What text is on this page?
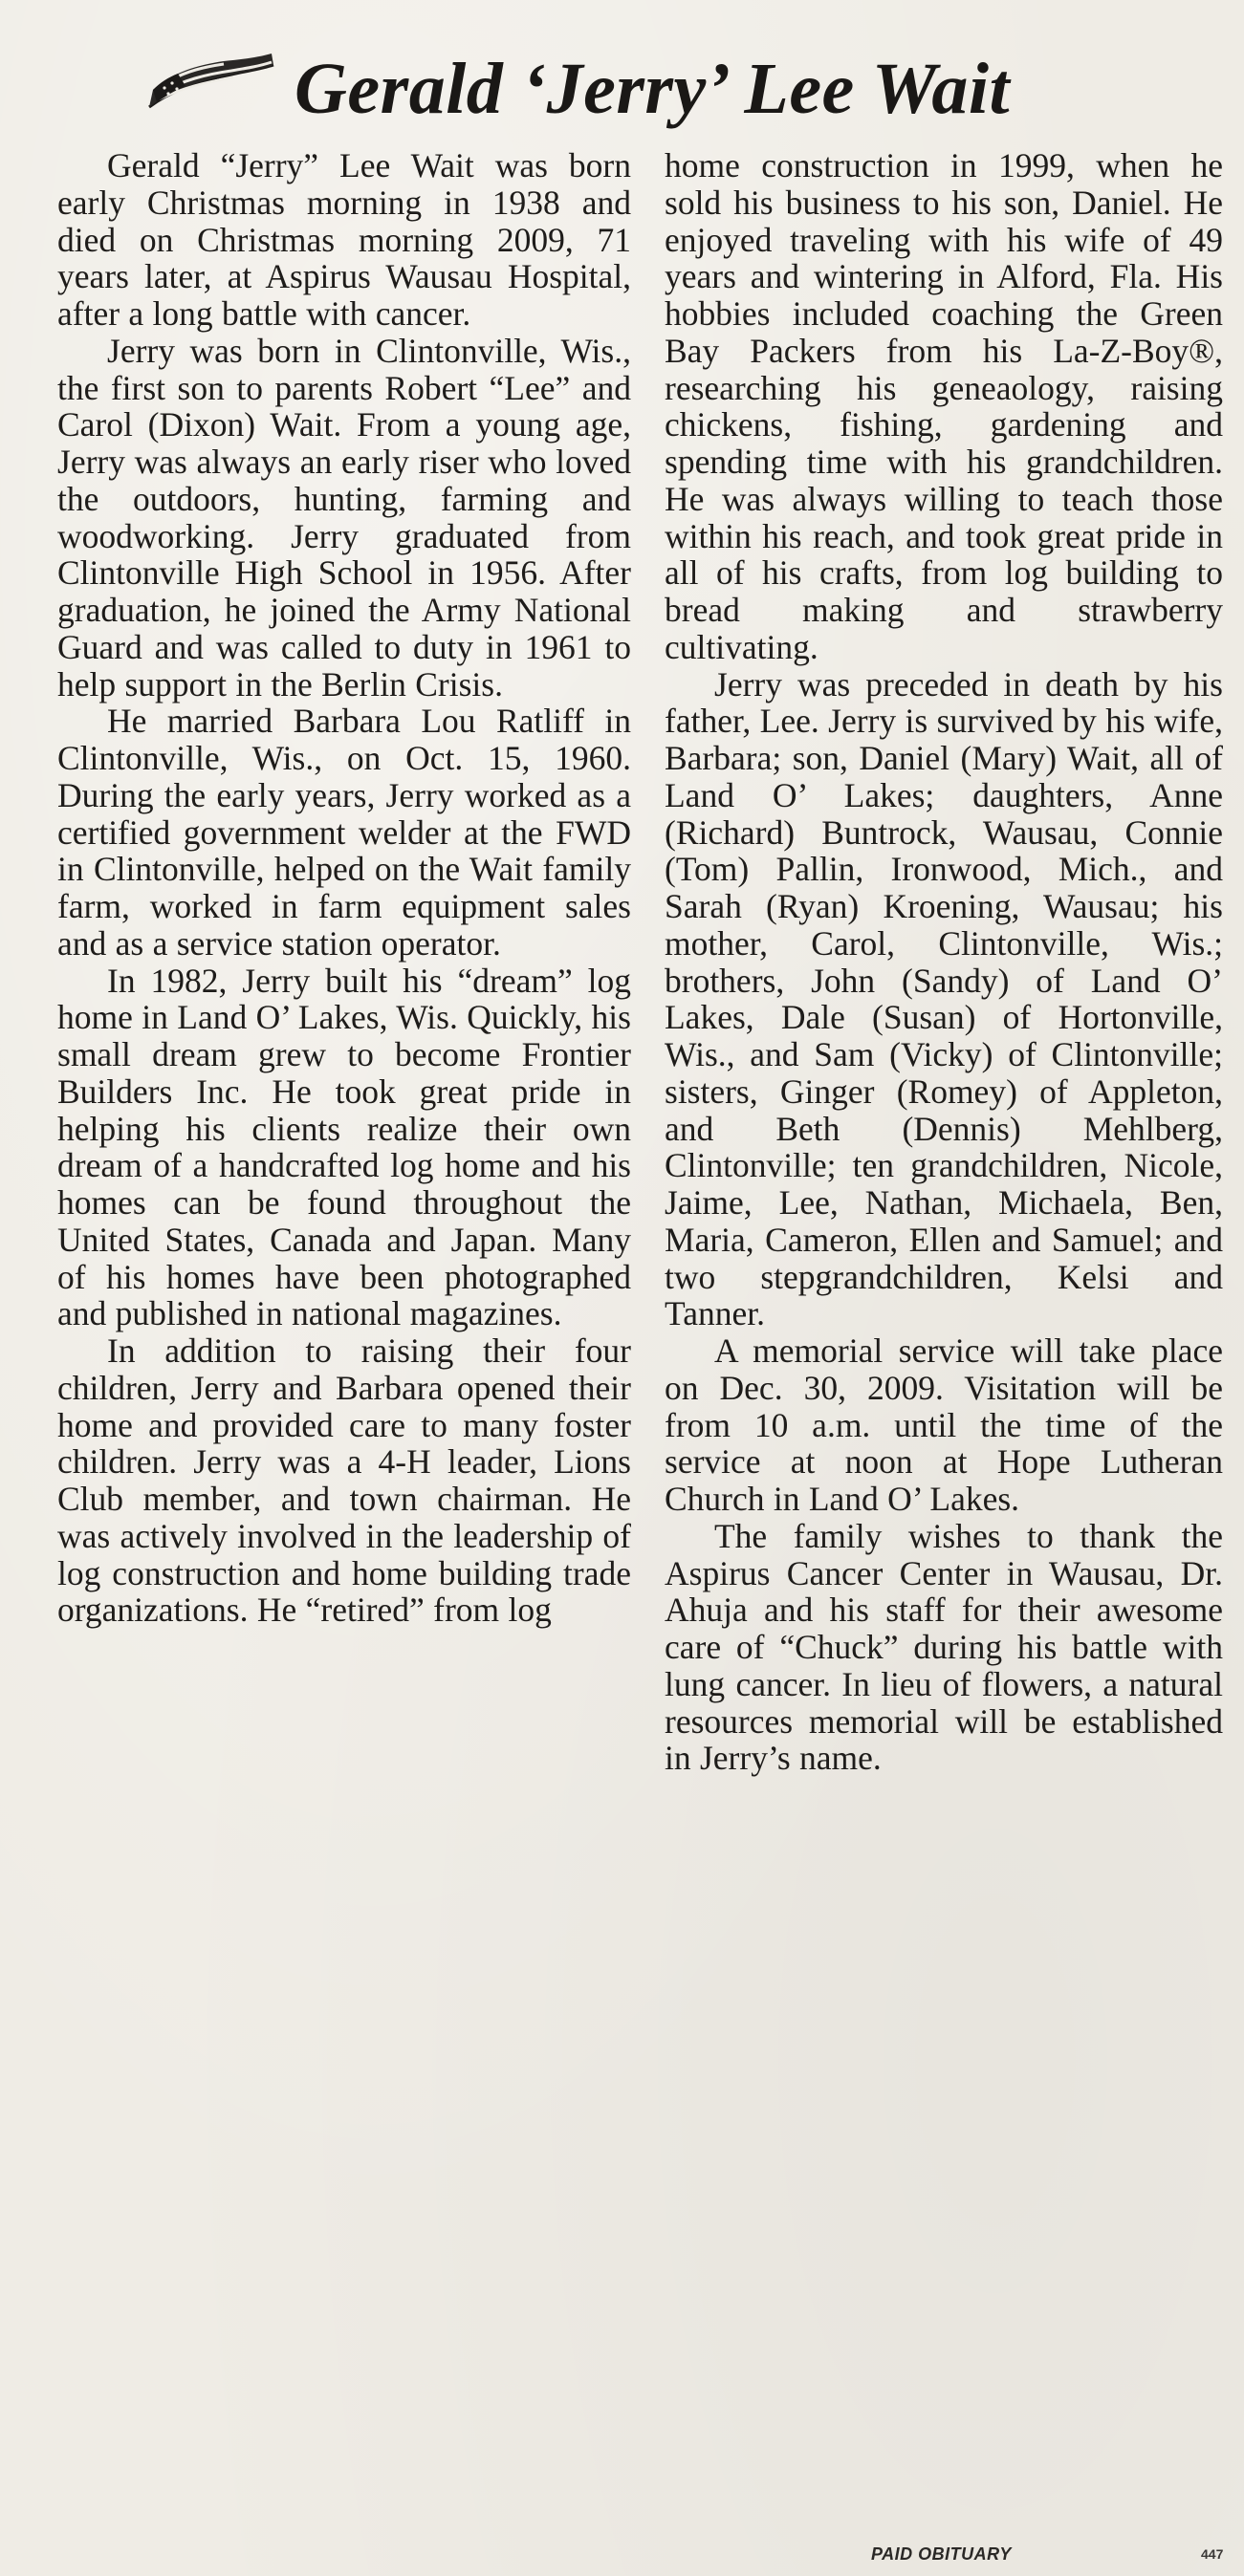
Gerald ‘Jerry’ Lee Wait

Gerald “Jerry” Lee Wait was born early Christmas morning in 1938 and died on Christmas morning 2009, 71 years later, at Aspirus Wausau Hospital, after a long battle with cancer.

Jerry was born in Clintonville, Wis., the first son to parents Robert “Lee” and Carol (Dixon) Wait. From a young age, Jerry was always an early riser who loved the outdoors, hunting, farming and woodworking. Jerry graduated from Clintonville High School in 1956. After graduation, he joined the Army National Guard and was called to duty in 1961 to help support in the Berlin Crisis.

He married Barbara Lou Ratliff in Clintonville, Wis., on Oct. 15, 1960. During the early years, Jerry worked as a certified government welder at the FWD in Clintonville, helped on the Wait family farm, worked in farm equipment sales and as a service station operator.

In 1982, Jerry built his “dream” log home in Land O’ Lakes, Wis. Quickly, his small dream grew to become Frontier Builders Inc. He took great pride in helping his clients realize their own dream of a handcrafted log home and his homes can be found throughout the United States, Canada and Japan. Many of his homes have been photographed and published in national magazines.

In addition to raising their four children, Jerry and Barbara opened their home and provided care to many foster children. Jerry was a 4-H leader, Lions Club member, and town chairman. He was actively involved in the leadership of log construction and home building trade organizations. He “retired” from log

home construction in 1999, when he sold his business to his son, Daniel. He enjoyed traveling with his wife of 49 years and wintering in Alford, Fla. His hobbies included coaching the Green Bay Packers from his La-Z-Boy®, researching his geneaology, raising chickens, fishing, gardening and spending time with his grandchildren. He was always willing to teach those within his reach, and took great pride in all of his crafts, from log building to bread making and strawberry cultivating.

Jerry was preceded in death by his father, Lee. Jerry is survived by his wife, Barbara; son, Daniel (Mary) Wait, all of Land O’ Lakes; daughters, Anne (Richard) Buntrock, Wausau, Connie (Tom) Pallin, Ironwood, Mich., and Sarah (Ryan) Kroening, Wausau; his mother, Carol, Clintonville, Wis.; brothers, John (Sandy) of Land O’ Lakes, Dale (Susan) of Hortonville, Wis., and Sam (Vicky) of Clintonville; sisters, Ginger (Romey) of Appleton, and Beth (Dennis) Mehlberg, Clintonville; ten grandchildren, Nicole, Jaime, Lee, Nathan, Michaela, Ben, Maria, Cameron, Ellen and Samuel; and two stepgrandchildren, Kelsi and Tanner.

A memorial service will take place on Dec. 30, 2009. Visitation will be from 10 a.m. until the time of the service at noon at Hope Lutheran Church in Land O’ Lakes.

The family wishes to thank the Aspirus Cancer Center in Wausau, Dr. Ahuja and his staff for their awesome care of “Chuck” during his battle with lung cancer. In lieu of flowers, a natural resources memorial will be established in Jerry’s name.

PAID OBITUARY	447
